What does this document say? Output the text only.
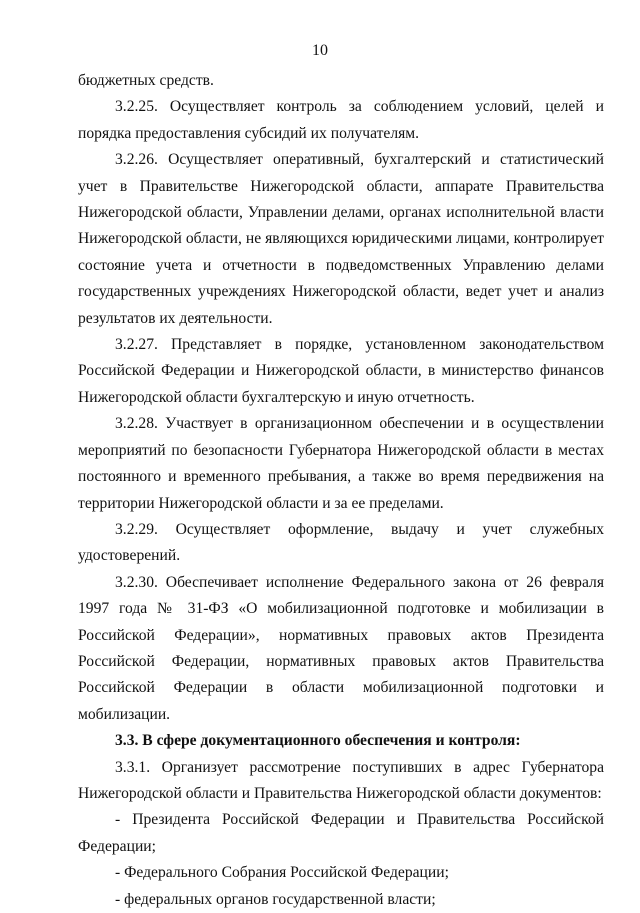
10

бюджетных средств.

3.2.25. Осуществляет контроль за соблюдением условий, целей и порядка предоставления субсидий их получателям.

3.2.26. Осуществляет оперативный, бухгалтерский и статистический учет в Правительстве Нижегородской области, аппарате Правительства Нижегородской области, Управлении делами, органах исполнительной власти Нижегородской области, не являющихся юридическими лицами, контролирует состояние учета и отчетности в подведомственных Управлению делами государственных учреждениях Нижегородской области, ведет учет и анализ результатов их деятельности.

3.2.27. Представляет в порядке, установленном законодательством Российской Федерации и Нижегородской области, в министерство финансов Нижегородской области бухгалтерскую и иную отчетность.

3.2.28. Участвует в организационном обеспечении и в осуществлении мероприятий по безопасности Губернатора Нижегородской области в местах постоянного и временного пребывания, а также во время передвижения на территории Нижегородской области и за ее пределами.

3.2.29. Осуществляет оформление, выдачу и учет служебных удостоверений.

3.2.30. Обеспечивает исполнение Федерального закона от 26 февраля 1997 года № 31-ФЗ «О мобилизационной подготовке и мобилизации в Российской Федерации», нормативных правовых актов Президента Российской Федерации, нормативных правовых актов Правительства Российской Федерации в области мобилизационной подготовки и мобилизации.

3.3. В сфере документационного обеспечения и контроля:

3.3.1. Организует рассмотрение поступивших в адрес Губернатора Нижегородской области и Правительства Нижегородской области документов:

- Президента Российской Федерации и Правительства Российской Федерации;

- Федерального Собрания Российской Федерации;

- федеральных органов государственной власти;
